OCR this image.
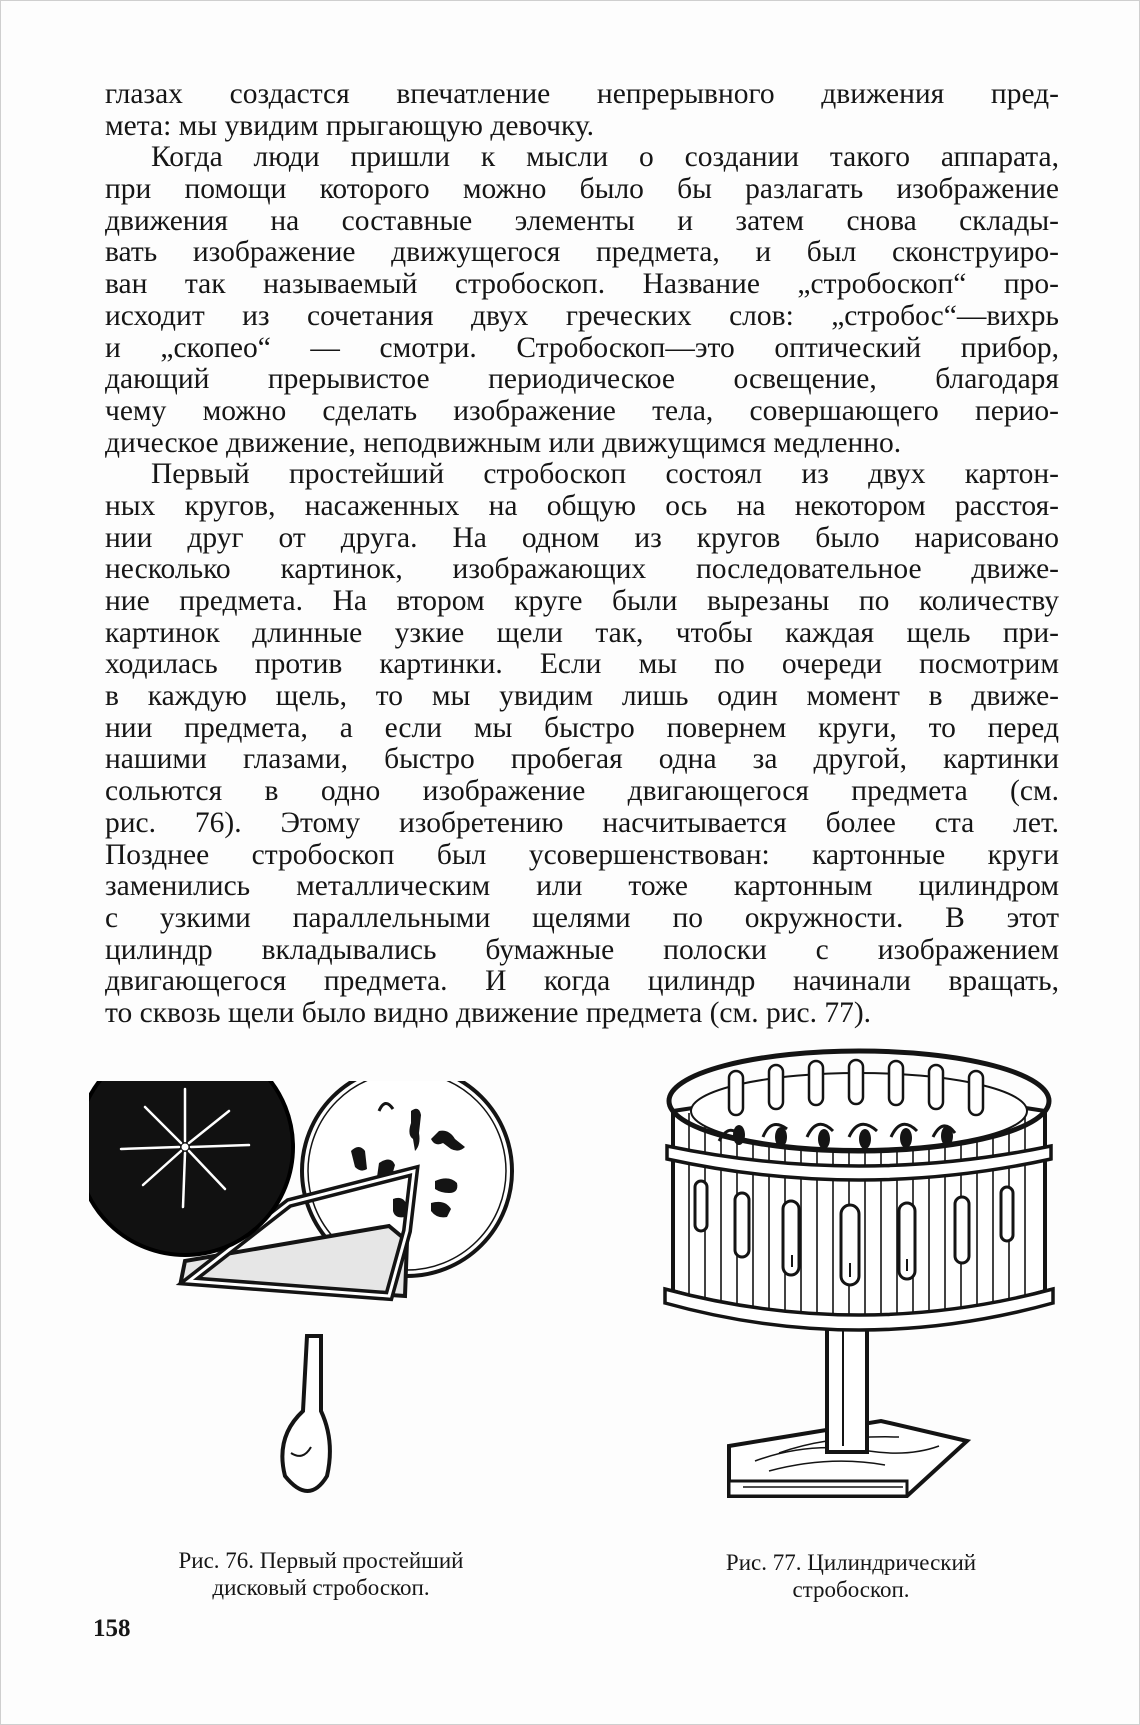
глазах создастся впечатление непрерывного движения пред-
мета: мы увидим прыгающую девочку.
Когда люди пришли к мысли о создании такого аппарата,
при помощи которого можно было бы разлагать изображение
движения на составные элементы и затем снова склады-
вать изображение движущегося предмета, и был сконструиро-
ван так называемый стробоскоп. Название „стробоскоп“ про-
исходит из сочетания двух греческих слов: „стробос“—вихрь
и „скопео“ — смотри. Стробоскоп—это оптический прибор,
дающий прерывистое периодическое освещение, благодаря
чему можно сделать изображение тела, совершающего перио-
дическое движение, неподвижным или движущимся медленно.
Первый простейший стробоскоп состоял из двух картон-
ных кругов, насаженных на общую ось на некотором расстоя-
нии друг от друга. На одном из кругов было нарисовано
несколько картинок, изображающих последовательное движе-
ние предмета. На втором круге были вырезаны по количеству
картинок длинные узкие щели так, чтобы каждая щель при-
ходилась против картинки. Если мы по очереди посмотрим
в каждую щель, то мы увидим лишь один момент в движе-
нии предмета, а если мы быстро повернем круги, то перед
нашими глазами, быстро пробегая одна за другой, картинки
сольются в одно изображение двигающегося предмета (см.
рис. 76). Этому изобретению насчитывается более ста лет.
Позднее стробоскоп был усовершенствован: картонные круги
заменились металлическим или тоже картонным цилиндром
с узкими параллельными щелями по окружности. В этот
цилиндр вкладывались бумажные полоски с изображением
двигающегося предмета. И когда цилиндр начинали вращать,
то сквозь щели было видно движение предмета (см. рис. 77).
Рис. 76. Первый простейший
дисковый стробоскоп.
Рис. 77. Цилиндрический
стробоскоп.
158
